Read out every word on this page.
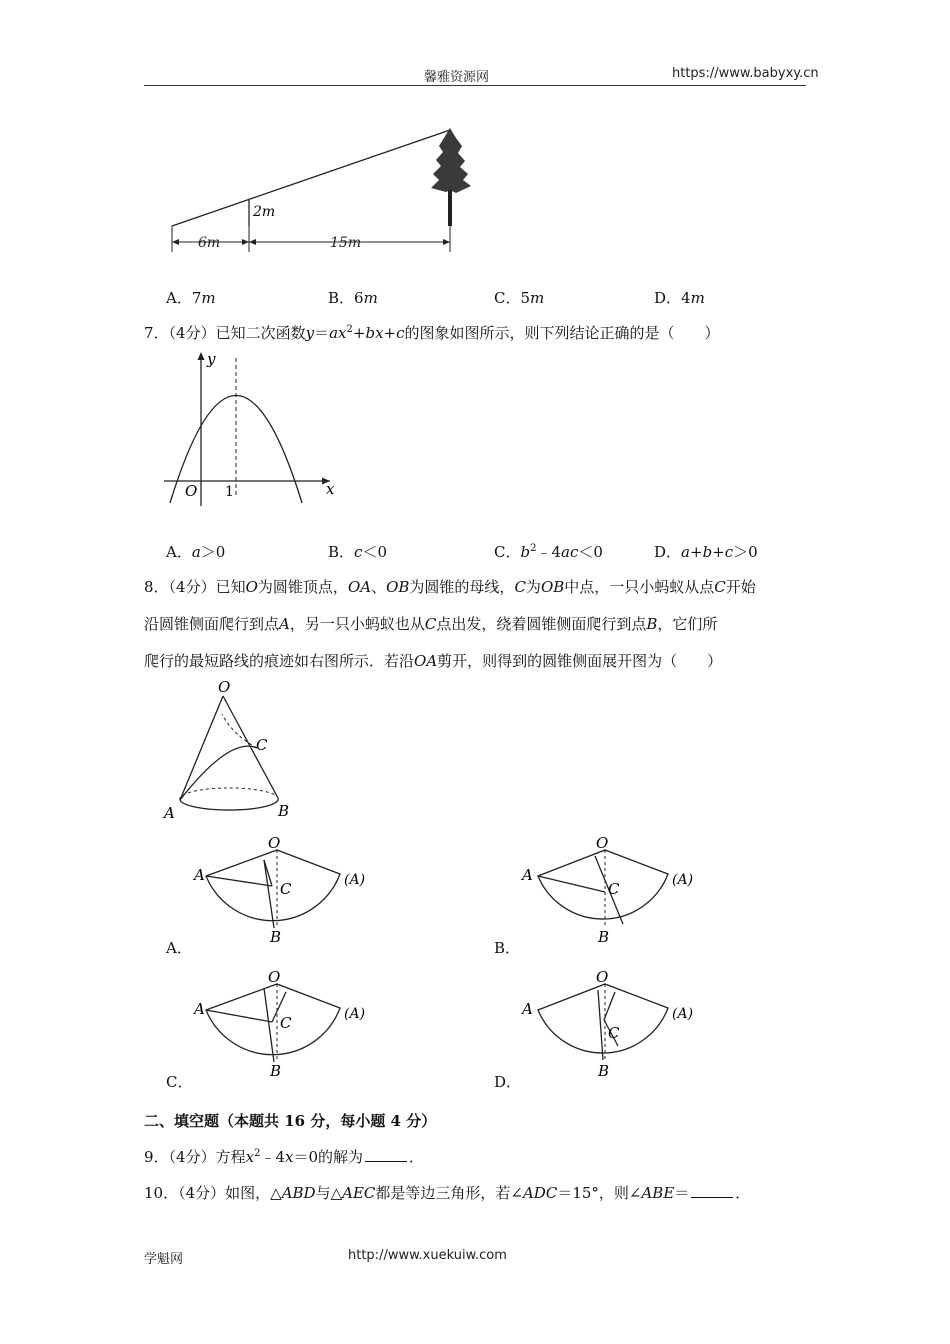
馨雅资源网	https://www.babyxy.cn
2m
6m	15m
A．7m	B．6m	C．5m	D．4m
7．（4分）已知二次函数$y=ax^2+bx+c$的图象如图所示，则下列结论正确的是（　　）
y
x
O 1
A．a＞0	B．c＜0	C．$b^2﹣4ac<0$	D．a+b+c＞0
8．（4分）已知O为圆锥顶点，OA、OB为圆锥的母线，C为OB中点，一只小蚂蚁从点C开始
沿圆锥侧面爬行到点A，另一只小蚂蚁也从C点出发，绕着圆锥侧面爬行到点B，它们所
爬行的最短路线的痕迹如右图所示．若沿OA剪开，则得到的圆锥侧面展开图为（　　）
O
C
A	B
O
A
C	(A)
B
A．
O
A
C	(A)
B
B．
O
A
C	(A)
B
C．
O
A
C
(A)
B
D．
二、填空题（本题共 16 分，每小题 4 分）
9．（4分）方程$x^2﹣4x=0$的解为	．
10．（4分）如图，△ABD与△AEC都是等边三角形，若∠ADC＝15°，则∠ABE＝	．
学魁网	http://www.xuekuiw.com
